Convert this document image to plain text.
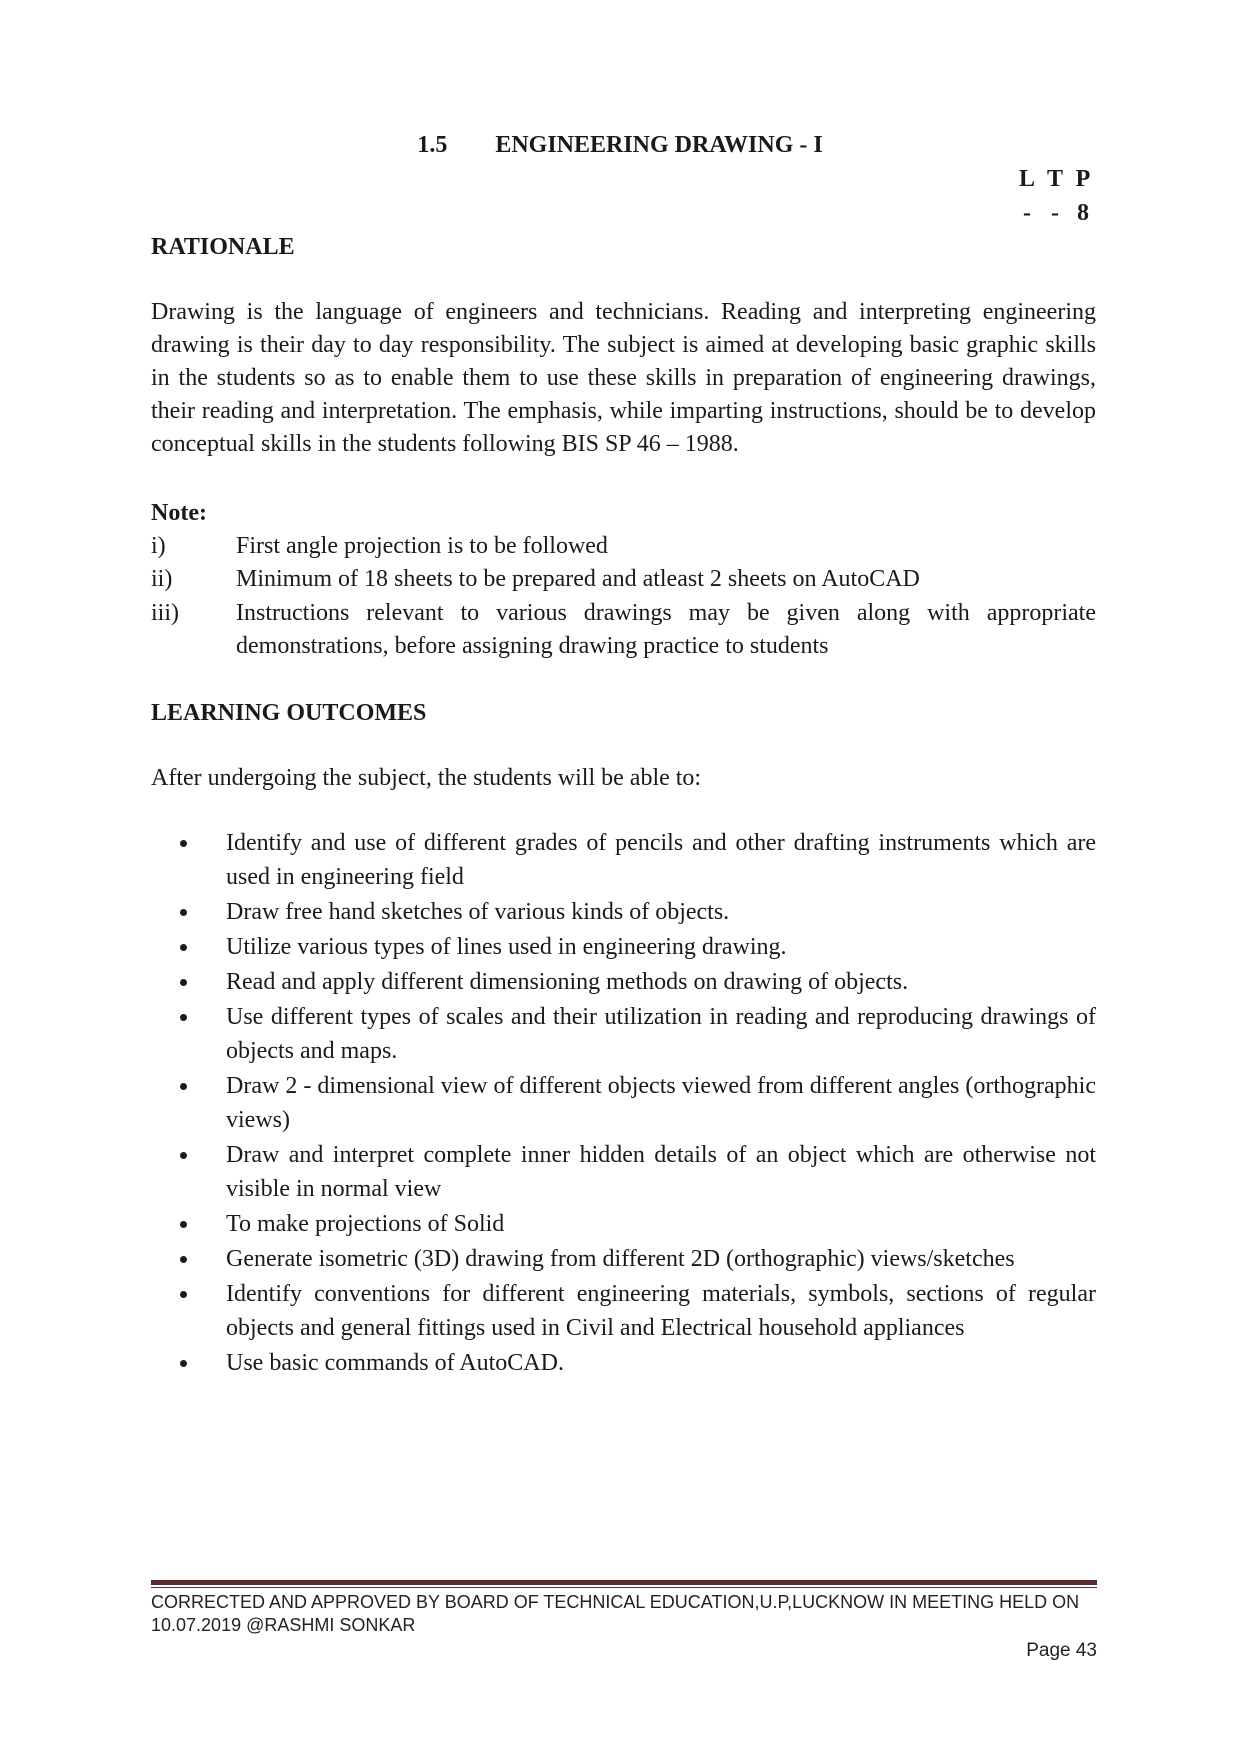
1.5 ENGINEERING DRAWING - I
L T P
- - 8
RATIONALE
Drawing is the language of engineers and technicians. Reading and interpreting engineering drawing is their day to day responsibility. The subject is aimed at developing basic graphic skills in the students so as to enable them to use these skills in preparation of engineering drawings, their reading and interpretation. The emphasis, while imparting instructions, should be to develop conceptual skills in the students following BIS SP 46 – 1988.
Note:
i)	First angle projection is to be followed
ii)	Minimum of 18 sheets to be prepared and atleast 2 sheets on AutoCAD
iii) Instructions relevant to various drawings may be given along with appropriate demonstrations, before assigning drawing practice to students
LEARNING OUTCOMES
After undergoing the subject, the students will be able to:
Identify and use of different grades of pencils and other drafting instruments which are used in engineering field
Draw free hand sketches of various kinds of objects.
Utilize various types of lines used in engineering drawing.
Read and apply different dimensioning methods on drawing of objects.
Use different types of scales and their utilization in reading and reproducing drawings of objects and maps.
Draw 2 - dimensional view of different objects viewed from different angles (orthographic views)
Draw and interpret complete inner hidden details of an object which are otherwise not visible in normal view
To make projections of Solid
Generate isometric (3D) drawing from different 2D (orthographic) views/sketches
Identify conventions for different engineering materials, symbols, sections of regular objects and general fittings used in Civil and Electrical household appliances
Use basic commands of AutoCAD.
CORRECTED AND APPROVED BY BOARD OF TECHNICAL EDUCATION,U.P,LUCKNOW IN MEETING HELD ON 10.07.2019 @RASHMI SONKAR
Page 43
